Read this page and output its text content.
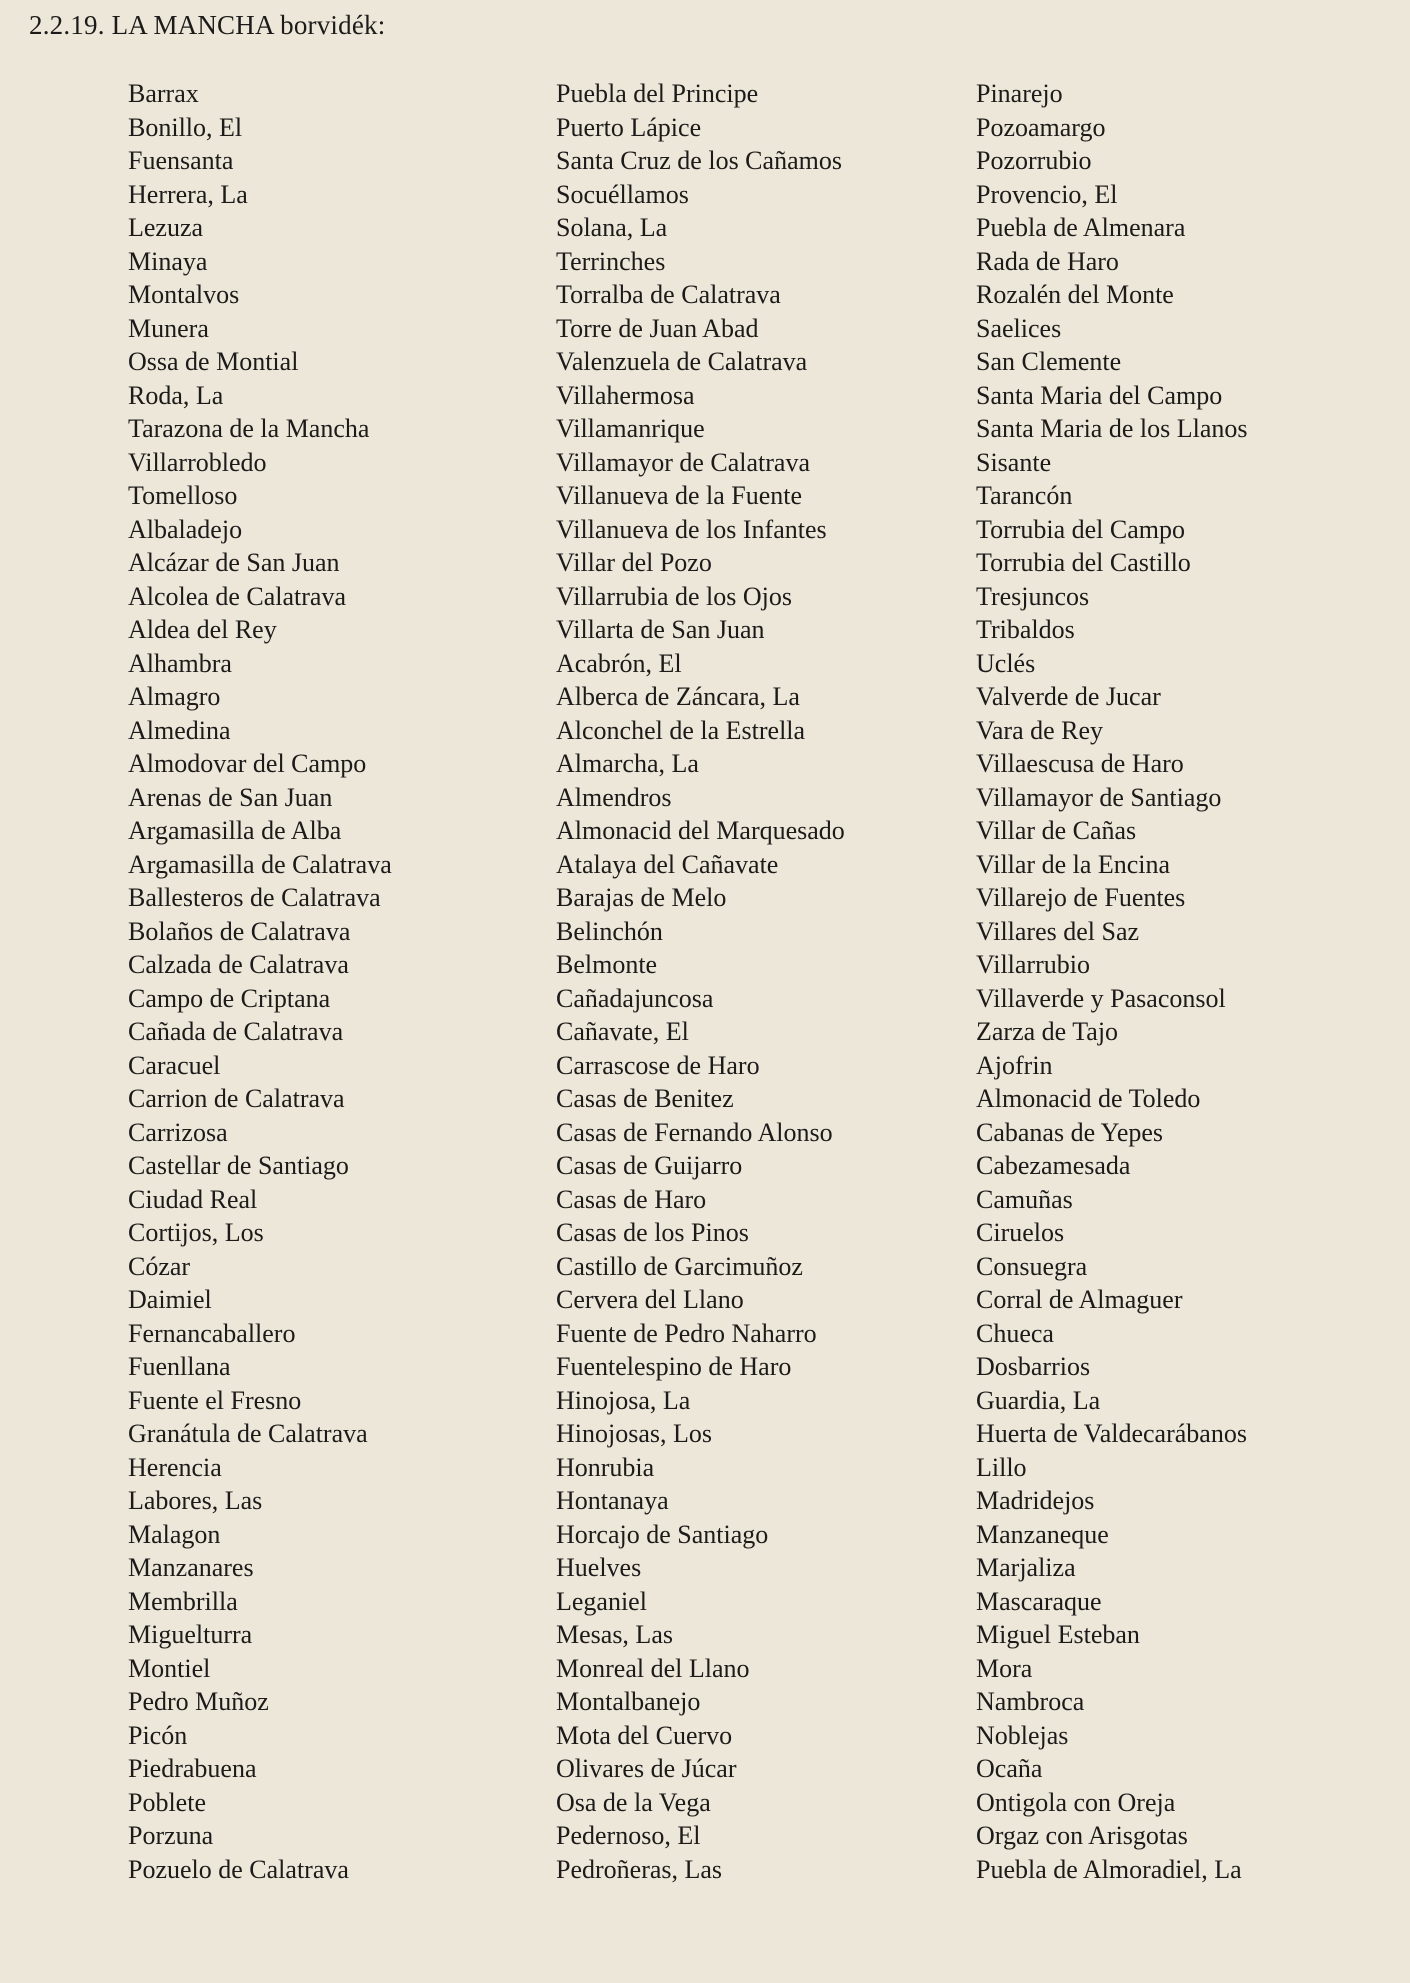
2.2.19. LA MANCHA borvidék:
Barrax
Bonillo, El
Fuensanta
Herrera, La
Lezuza
Minaya
Montalvos
Munera
Ossa de Montial
Roda, La
Tarazona de la Mancha
Villarrobledo
Tomelloso
Albaladejo
Alcázar de San Juan
Alcolea de Calatrava
Aldea del Rey
Alhambra
Almagro
Almedina
Almodovar del Campo
Arenas de San Juan
Argamasilla de Alba
Argamasilla de Calatrava
Ballesteros de Calatrava
Bolaños de Calatrava
Calzada de Calatrava
Campo de Criptana
Cañada de Calatrava
Caracuel
Carrion de Calatrava
Carrizosa
Castellar de Santiago
Ciudad Real
Cortijos, Los
Cózar
Daimiel
Fernancaballero
Fuenllana
Fuente el Fresno
Granátula de Calatrava
Herencia
Labores, Las
Malagon
Manzanares
Membrilla
Miguelturra
Montiel
Pedro Muñoz
Picón
Piedrabuena
Poblete
Porzuna
Pozuelo de Calatrava
Puebla del Principe
Puerto Lápice
Santa Cruz de los Cañamos
Socuéllamos
Solana, La
Terrinches
Torralba de Calatrava
Torre de Juan Abad
Valenzuela de Calatrava
Villahermosa
Villamanrique
Villamayor de Calatrava
Villanueva de la Fuente
Villanueva de los Infantes
Villar del Pozo
Villarrubia de los Ojos
Villarta de San Juan
Acabrón, El
Alberca de Záncara, La
Alconchel de la Estrella
Almarcha, La
Almendros
Almonacid del Marquesado
Atalaya del Cañavate
Barajas de Melo
Belinchón
Belmonte
Cañadajuncosa
Cañavate, El
Carrascose de Haro
Casas de Benitez
Casas de Fernando Alonso
Casas de Guijarro
Casas de Haro
Casas de los Pinos
Castillo de Garcimuñoz
Cervera del Llano
Fuente de Pedro Naharro
Fuentelespino de Haro
Hinojosa, La
Hinojosas, Los
Honrubia
Hontanaya
Horcajo de Santiago
Huelves
Leganiel
Mesas, Las
Monreal del Llano
Montalbanejo
Mota del Cuervo
Olivares de Júcar
Osa de la Vega
Pedernoso, El
Pedroñeras, Las
Pinarejo
Pozoamargo
Pozorrubio
Provencio, El
Puebla de Almenara
Rada de Haro
Rozalén del Monte
Saelices
San Clemente
Santa Maria del Campo
Santa Maria de los Llanos
Sisante
Tarancón
Torrubia del Campo
Torrubia del Castillo
Tresjuncos
Tribaldos
Uclés
Valverde de Jucar
Vara de Rey
Villaescusa de Haro
Villamayor de Santiago
Villar de Cañas
Villar de la Encina
Villarejo de Fuentes
Villares del Saz
Villarrubio
Villaverde y Pasaconsol
Zarza de Tajo
Ajofrin
Almonacid de Toledo
Cabanas de Yepes
Cabezamesada
Camuñas
Ciruelos
Consuegra
Corral de Almaguer
Chueca
Dosbarrios
Guardia, La
Huerta de Valdecarábanos
Lillo
Madridejos
Manzaneque
Marjaliza
Mascaraque
Miguel Esteban
Mora
Nambroca
Noblejas
Ocaña
Ontigola con Oreja
Orgaz con Arisgotas
Puebla de Almoradiel, La
